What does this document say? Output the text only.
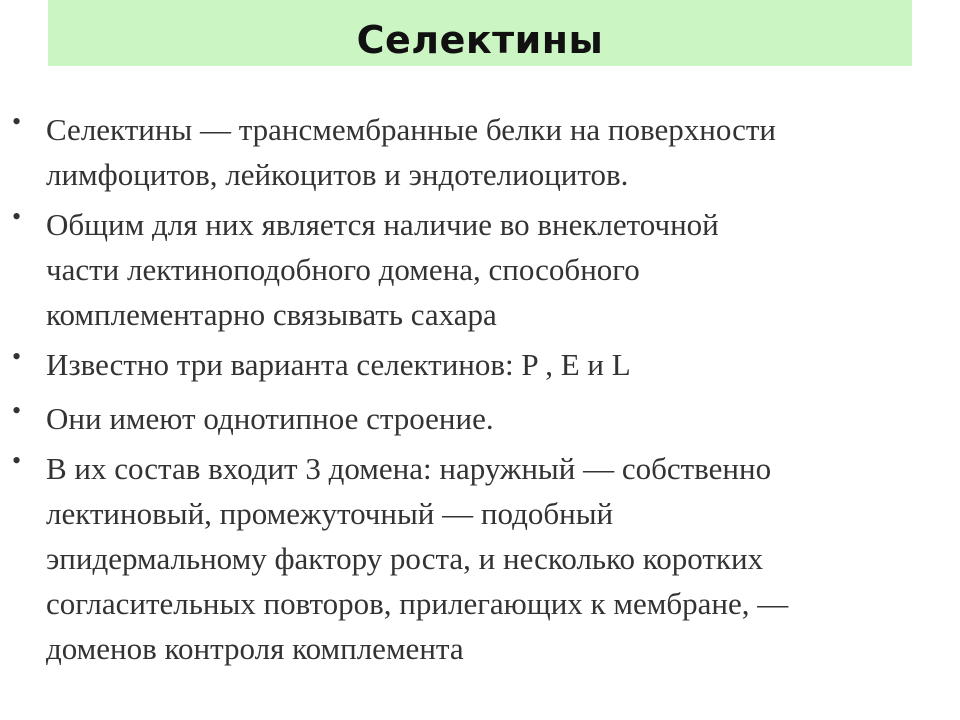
Селектины
• Селектины — трансмембранные белки на поверхности
лимфоцитов, лейкоцитов и эндотелиоцитов.
• Общим для них является наличие во внеклеточной
части лектиноподобного домена, способного
комплементарно связывать сахара
• Известно три варианта селектинов: P , E и L
• Они имеют однотипное строение.
• В их состав входит 3 домена: наружный — собственно
лектиновый, промежуточный — подобный
эпидермальному фактору роста, и несколько коротких
согласительных повторов, прилегающих к мембране, —
доменов контроля комплемента
